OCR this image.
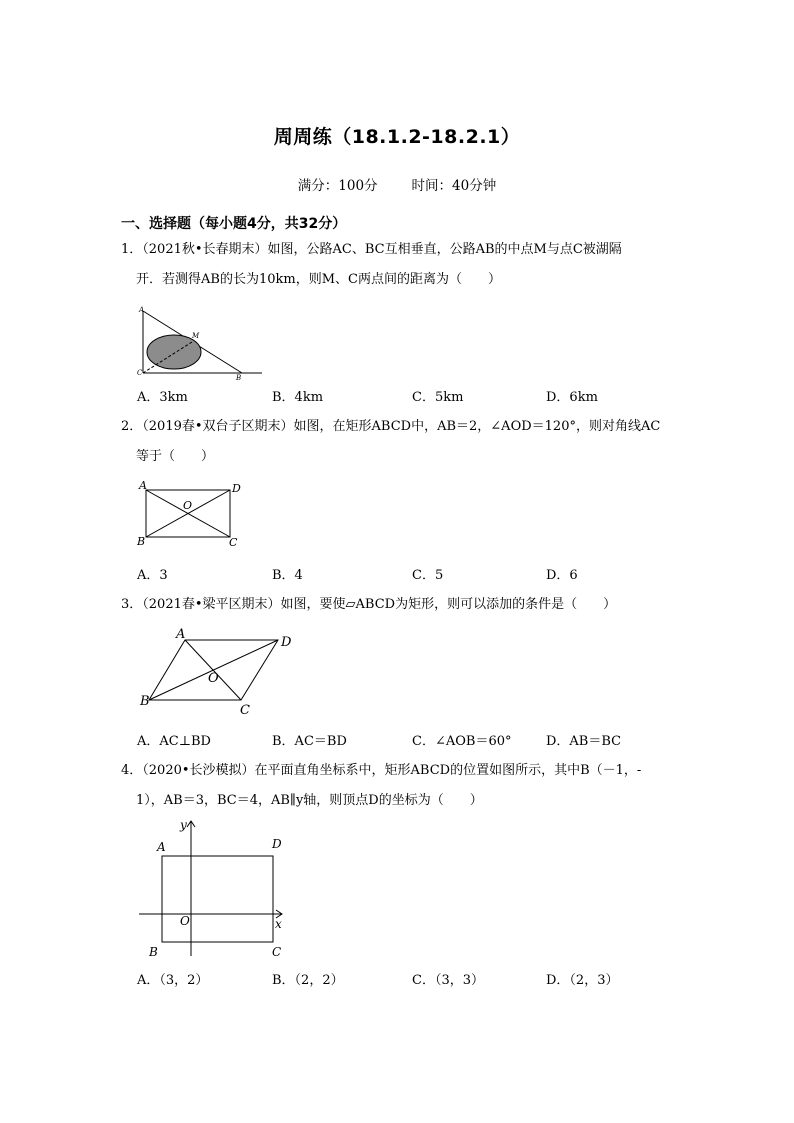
周周练（18.1.2-18.2.1）
满分：100分	时间：40分钟
一、选择题（每小题4分，共32分）
1．（2021秋•长春期末）如图，公路AC、BC互相垂直，公路AB的中点M与点C被湖隔
开．若测得AB的长为10km，则M、C两点间的距离为（　　）
A
M
C
B
A．3km	B．4km	C．5km	D．6km
2．（2019春•双台子区期末）如图，在矩形ABCD中，AB＝2，∠AOD＝120°，则对角线AC
等于（　　）
A	D
O
B	C
A．3	B．4	C．5	D．6
3．（2021春•梁平区期末）如图，要使▱ABCD为矩形，则可以添加的条件是（　　）
A
D
O
B
C
A．AC⊥BD	B．AC＝BD	C．∠AOB＝60°	D．AB＝BC
4．（2020•长沙模拟）在平面直角坐标系中，矩形ABCD的位置如图所示，其中B（－1，-
1），AB＝3，BC＝4，AB∥y轴，则顶点D的坐标为（　　）
y
A	D
O	x
B	C
A．（3，2）	B．（2，2）	C．（3，3）	D．（2，3）
